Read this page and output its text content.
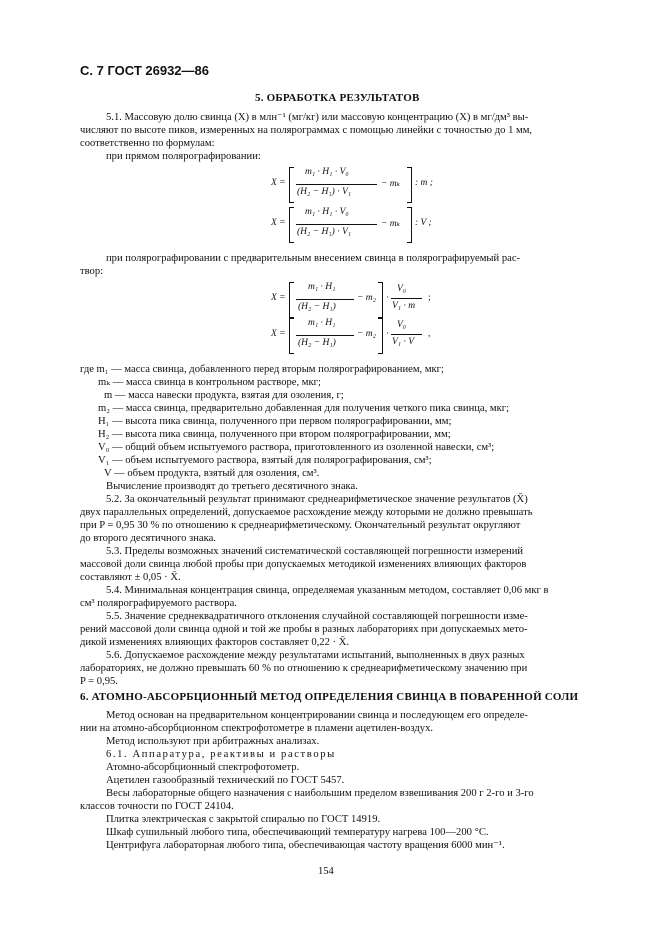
С. 7 ГОСТ 26932—86
5. ОБРАБОТКА РЕЗУЛЬТАТОВ
5.1. Массовую долю свинца (X) в млн⁻¹ (мг/кг) или массовую концентрацию (X) в мг/дм³ вы-
числяют по высоте пиков, измеренных на полярограммах с помощью линейки с точностью до 1 мм,
соответственно по формулам:
при прямом полярографировании:
X =
m₁ · H₁ · V₀
(H₂ − H₁) · V₁
− mₖ : m ;
X =
m₁ · H₁ · V₀
(H₂ − H₁) · V₁
− mₖ : V ;
при полярографировании с предварительным внесением свинца в полярографируемый рас-
твор:
X =
m₁ · H₁
(H₂ − H₁)
− m₂ ·
V₀
V₁ · m
;
X =
m₁ · H₁
(H₂ − H₁)
− m₂ ·
V₀
V₁ · V
,
где m₁ — масса свинца, добавленного перед вторым полярографированием, мкг;
mₖ — масса свинца в контрольном растворе, мкг;
m — масса навески продукта, взятая для озоления, г;
m₂ — масса свинца, предварительно добавленная для получения четкого пика свинца, мкг;
H₁ — высота пика свинца, полученного при первом полярографировании, мм;
H₂ — высота пика свинца, полученного при втором полярографировании, мм;
V₀ — общий объем испытуемого раствора, приготовленного из озоленной навески, см³;
V₁ — объем испытуемого раствора, взятый для полярографирования, см³;
V — объем продукта, взятый для озоления, см³.
Вычисление производят до третьего десятичного знака.
5.2. За окончательный результат принимают среднеарифметическое значение результатов (X̄)
двух параллельных определений, допускаемое расхождение между которыми не должно превышать
при P = 0,95 30 % по отношению к среднеарифметическому. Окончательный результат округляют
до второго десятичного знака.
5.3. Пределы возможных значений систематической составляющей погрешности измерений
массовой доли свинца любой пробы при допускаемых методикой изменениях влияющих факторов
составляют ± 0,05 · X̄.
5.4. Минимальная концентрация свинца, определяемая указанным методом, составляет 0,06 мкг в
см³ полярографируемого раствора.
5.5. Значение среднеквадратичного отклонения случайной составляющей погрешности изме-
рений массовой доли свинца одной и той же пробы в разных лабораториях при допускаемых мето-
дикой изменениях влияющих факторов составляет 0,22 · X̄.
5.6. Допускаемое расхождение между результатами испытаний, выполненных в двух разных
лабораториях, не должно превышать 60 % по отношению к среднеарифметическому значению при
P = 0,95.
6. АТОМНО-АБСОРБЦИОННЫЙ МЕТОД ОПРЕДЕЛЕНИЯ СВИНЦА В ПОВАРЕННОЙ СОЛИ
Метод основан на предварительном концентрировании свинца и последующем его определе-
нии на атомно-абсорбционном спектрофотометре в пламени ацетилен-воздух.
Метод используют при арбитражных анализах.
6.1. Аппаратура, реактивы и растворы
Атомно-абсорбционный спектрофотометр.
Ацетилен газообразный технический по ГОСТ 5457.
Весы лабораторные общего назначения с наибольшим пределом взвешивания 200 г 2-го и 3-го
классов точности по ГОСТ 24104.
Плитка электрическая с закрытой спиралью по ГОСТ 14919.
Шкаф сушильный любого типа, обеспечивающий температуру нагрева 100—200 °С.
Центрифуга лабораторная любого типа, обеспечивающая частоту вращения 6000 мин⁻¹.
154
